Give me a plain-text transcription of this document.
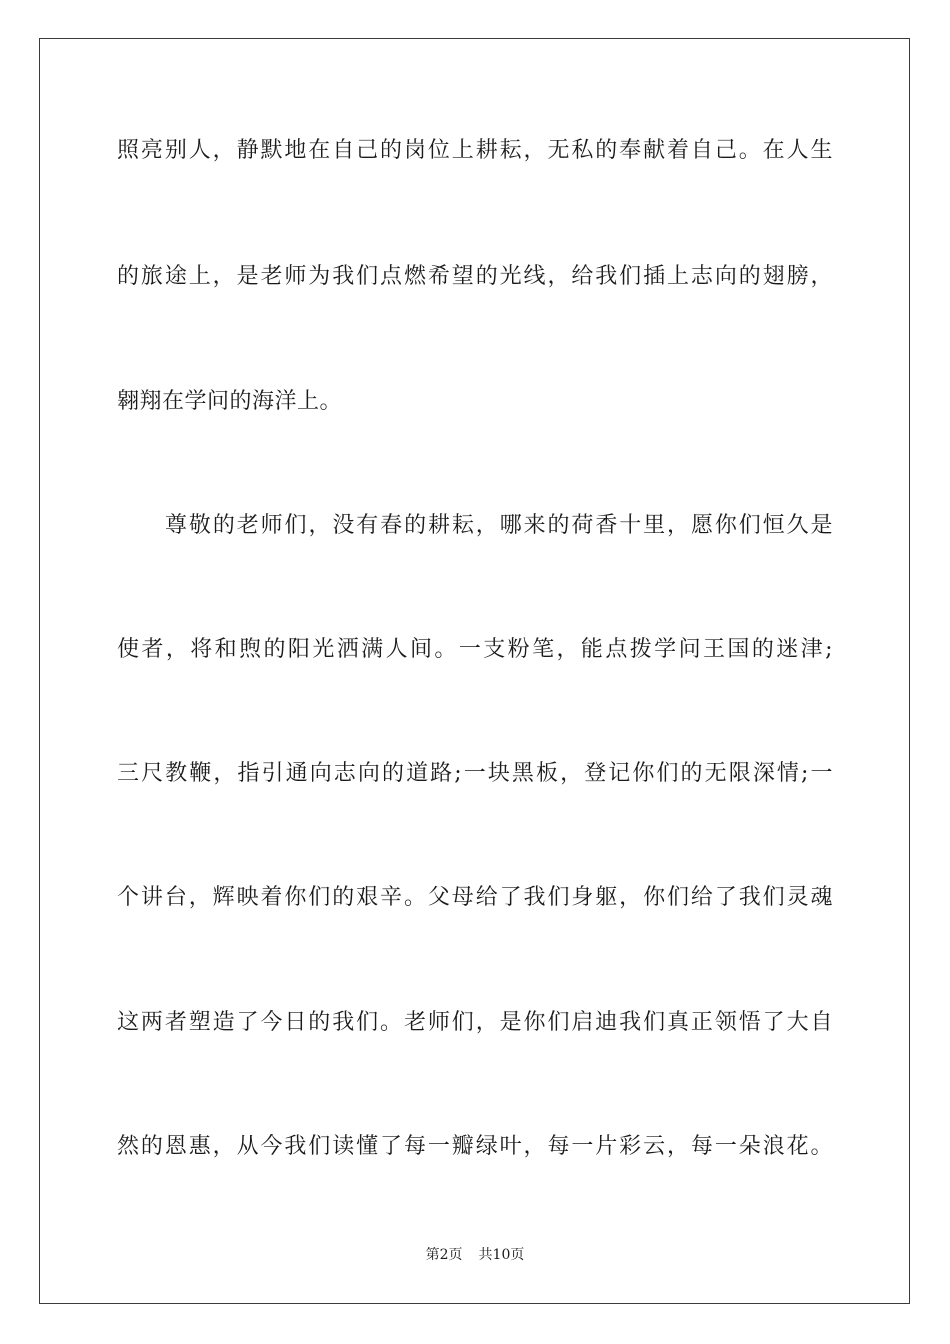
照亮别人，静默地在自己的岗位上耕耘，无私的奉献着自己。在人生
的旅途上，是老师为我们点燃希望的光线，给我们插上志向的翅膀，
翱翔在学问的海洋上。
尊敬的老师们，没有春的耕耘，哪来的荷香十里，愿你们恒久是
使者，将和煦的阳光洒满人间。一支粉笔，能点拨学问王国的迷津;
三尺教鞭，指引通向志向的道路;一块黑板，登记你们的无限深情;一
个讲台，辉映着你们的艰辛。父母给了我们身躯，你们给了我们灵魂
这两者塑造了今日的我们。老师们，是你们启迪我们真正领悟了大自
然的恩惠，从今我们读懂了每一瓣绿叶，每一片彩云，每一朵浪花。
第2页 共10页
